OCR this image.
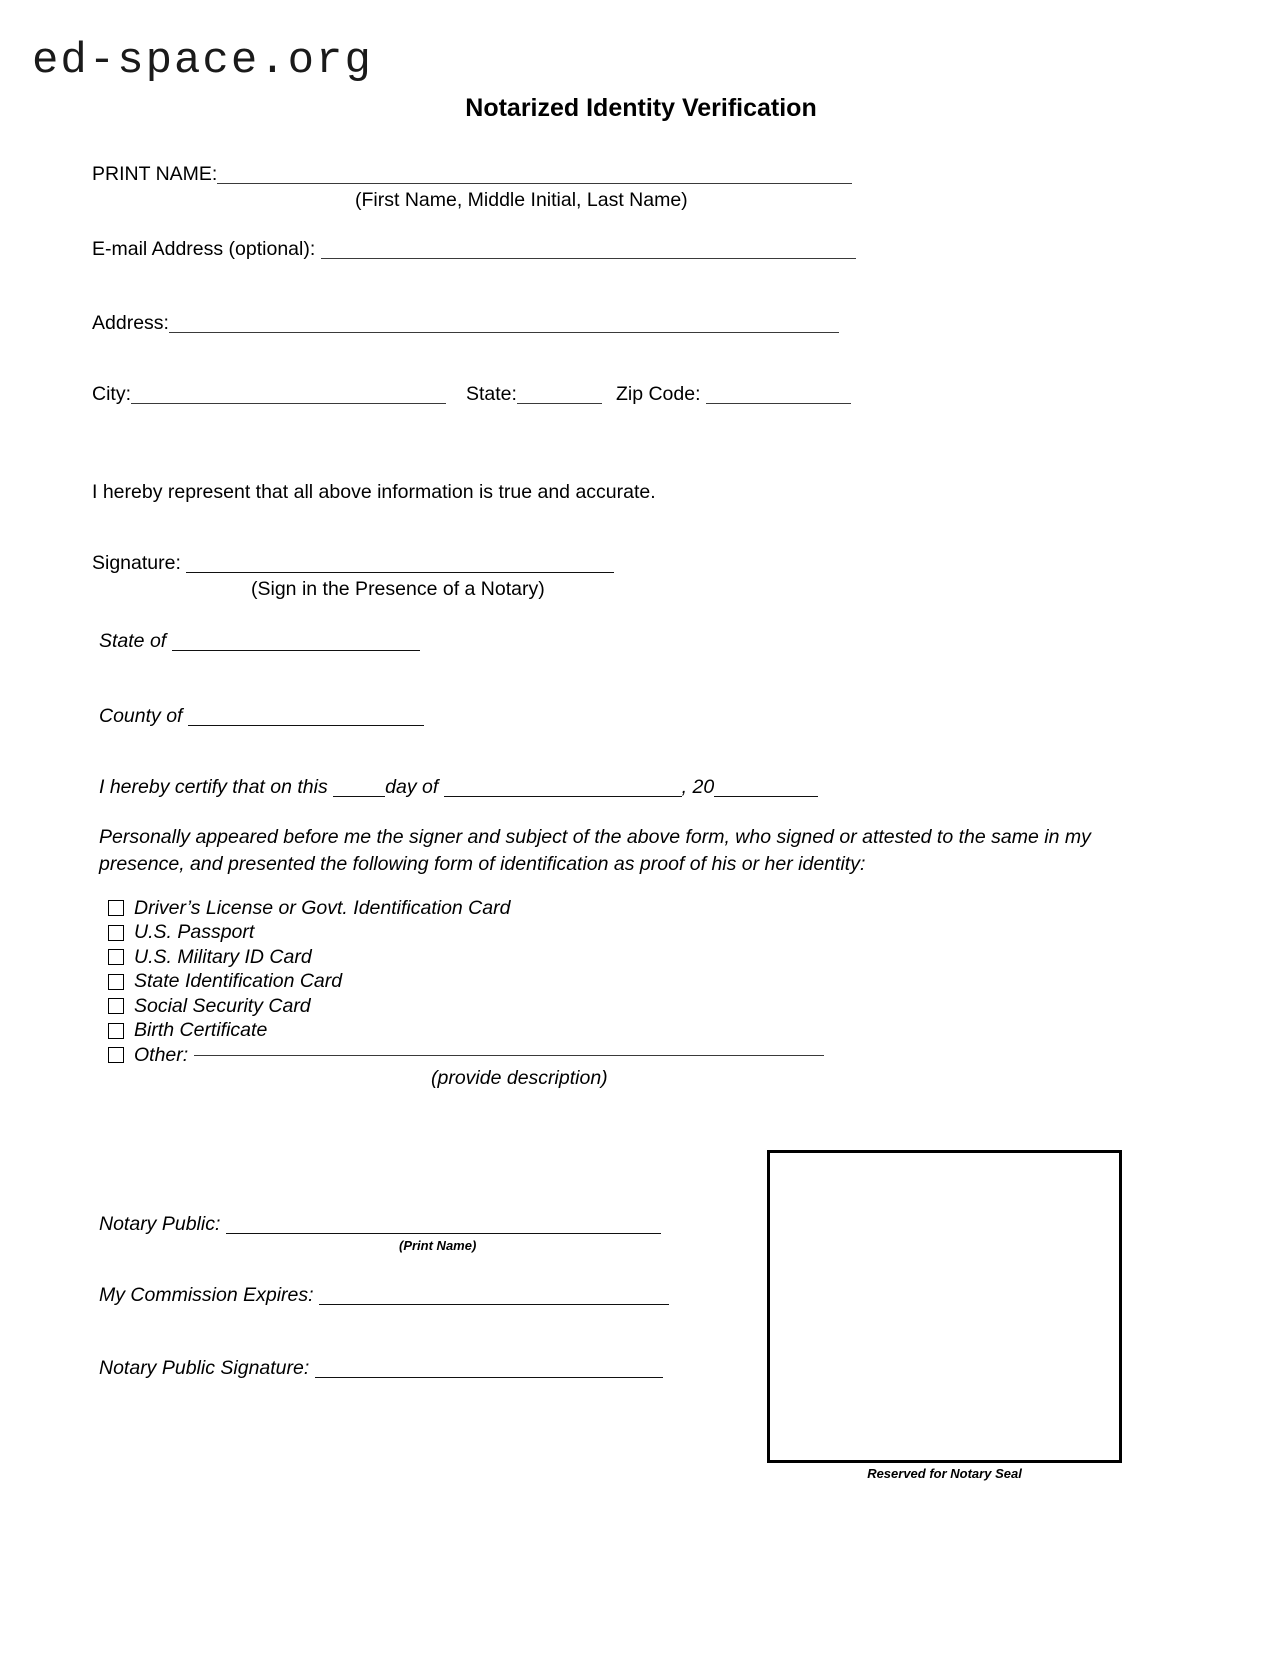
ed-space.org
Notarized Identity Verification
PRINT NAME:
(First Name, Middle Initial, Last Name)
E-mail Address (optional):
Address:
City:	State:	Zip Code:
I hereby represent that all above information is true and accurate.
Signature:
(Sign in the Presence of a Notary)
State of
County of
I hereby certify that on this	day of	, 20
Personally appeared before me the signer and subject of the above form, who signed or attested to the same in my presence, and presented the following form of identification as proof of his or her identity:
Driver’s License or Govt. Identification Card
U.S. Passport
U.S. Military ID Card
State Identification Card
Social Security Card
Birth Certificate
Other:
(provide description)
Notary Public:
(Print Name)
My Commission Expires:
Notary Public Signature:
Reserved for Notary Seal
